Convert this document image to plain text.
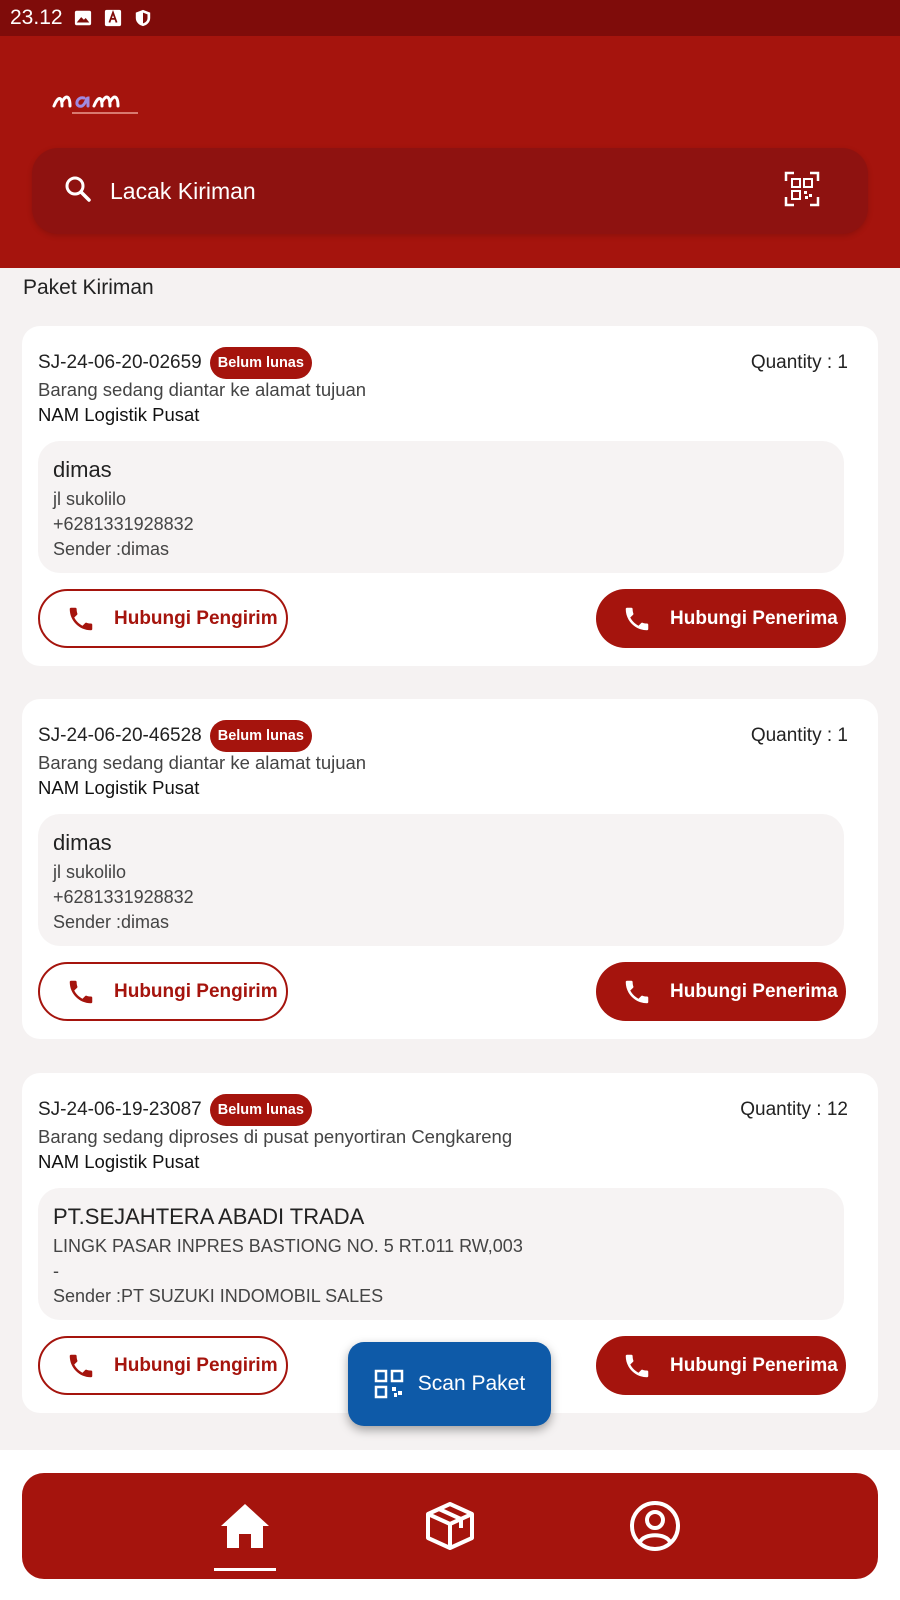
23.12
Lacak Kiriman
Paket Kiriman
SJ-24-06-20-02659	Belum lunas	Quantity : 1
Barang sedang diantar ke alamat tujuan
NAM Logistik Pusat
dimas
jl sukolilo
+6281331928832
Sender :dimas
Hubungi Pengirim	Hubungi Penerima
SJ-24-06-20-46528	Belum lunas	Quantity : 1
Barang sedang diantar ke alamat tujuan
NAM Logistik Pusat
dimas
jl sukolilo
+6281331928832
Sender :dimas
Hubungi Pengirim	Hubungi Penerima
SJ-24-06-19-23087	Belum lunas	Quantity : 12
Barang sedang diproses di pusat penyortiran Cengkareng
NAM Logistik Pusat
PT.SEJAHTERA ABADI TRADA
LINGK PASAR INPRES BASTIONG NO. 5 RT.011 RW,003
-
Sender :PT SUZUKI INDOMOBIL SALES
Hubungi Pengirim	Hubungi Penerima
Scan Paket
